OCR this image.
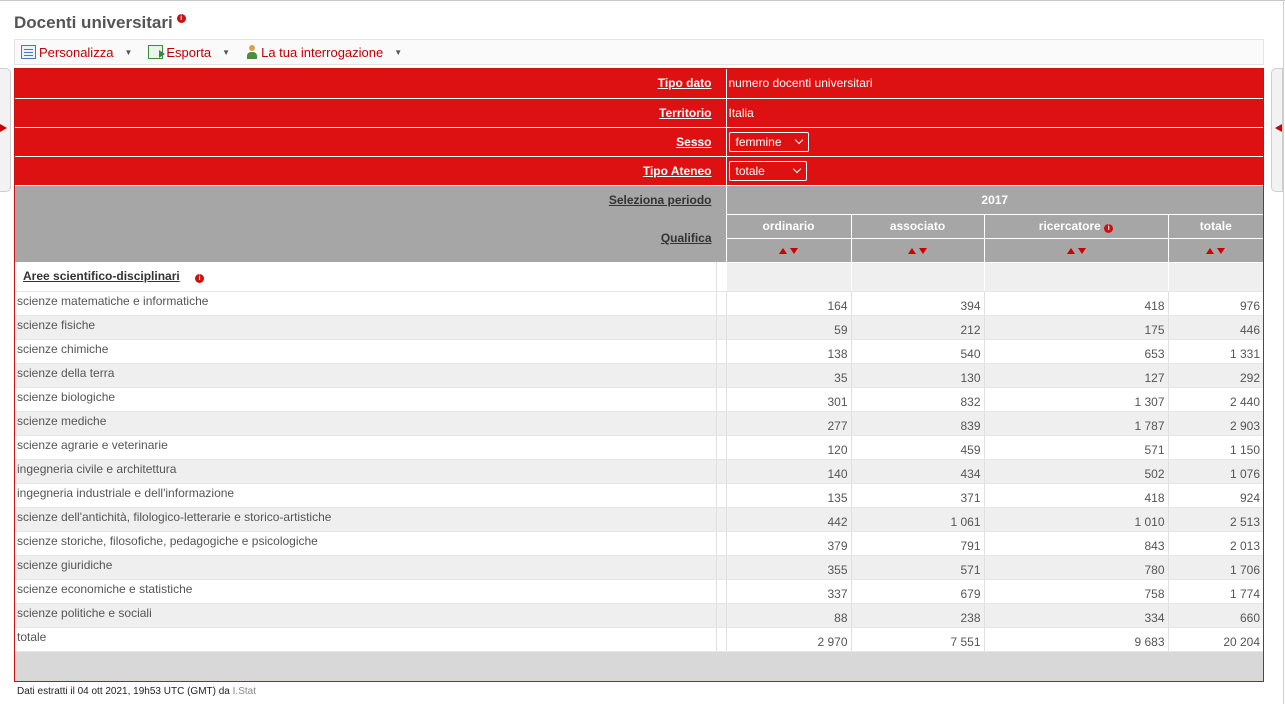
Docenti universitari	i
Personalizza ▼	Esporta ▼ La tua interrogazione ▼
Tipo dato		numero docenti universitari			
Territorio		Italia			
Sesso		femmine			

Tipo Ateneo		totale			

Seleziona periodo		2017			
Qualifica		ordinario	associato	ricercatore i	totale

Aree scientifico-disciplinari i					
scienze matematiche e informatiche		164	394	418	976
scienze fisiche		59	212	175	446
scienze chimiche		138	540	653	1 331
scienze della terra		35	130	127	292
scienze biologiche		301	832	1 307	2 440
scienze mediche		277	839	1 787	2 903
scienze agrarie e veterinarie		120	459	571	1 150
ingegneria civile e architettura		140	434	502	1 076
ingegneria industriale e dell'informazione		135	371	418	924
scienze dell'antichità, filologico-letterarie e storico-artistiche		442	1 061	1 010	2 513
scienze storiche, filosofiche, pedagogiche e psicologiche		379	791	843	2 013
scienze giuridiche		355	571	780	1 706
scienze economiche e statistiche		337	679	758	1 774
scienze politiche e sociali		88	238	334	660
totale		2 970	7 551	9 683	20 204
Dati estratti il 04 ott 2021, 19h53 UTC (GMT) da I.Stat
